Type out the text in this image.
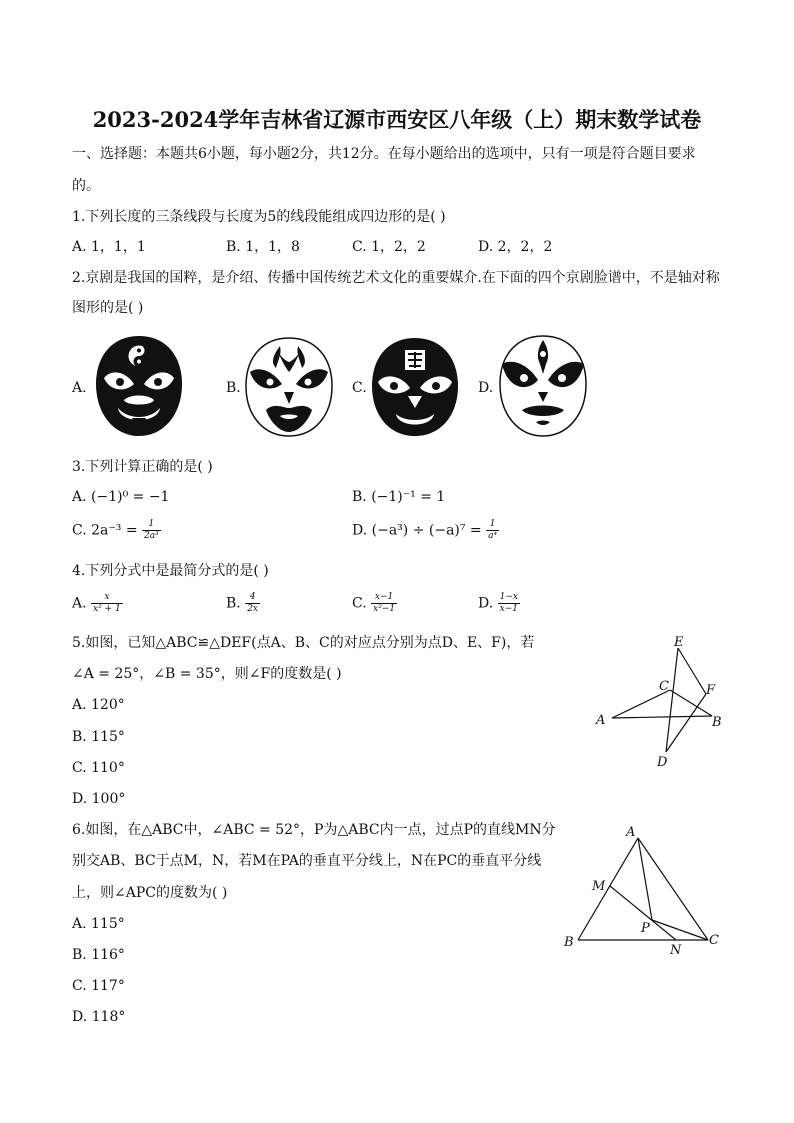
2023-2024学年吉林省辽源市西安区八年级（上）期末数学试卷
一、选择题：本题共6小题，每小题2分，共12分。在每小题给出的选项中，只有一项是符合题目要求
的。
1.下列长度的三条线段与长度为5的线段能组成四边形的是( )
A. 1，1，1	B. 1，1，8	C. 1，2，2	D. 2，2，2
2.京剧是我国的国粹，是介绍、传播中国传统艺术文化的重要媒介.在下面的四个京剧脸谱中，不是轴对称
图形的是( )
A.	B.	C.	D.
3.下列计算正确的是( )
A. (−1)⁰ = −1	B. (−1)⁻¹ = 1
C. $2a^{-3} = \frac{1}{\text{2a³}}$	D. $(-a^3) \div (-a)^7 = \frac{1}{\text{a⁴}}$
4.下列分式中是最简分式的是( )
A. $\frac{x}{\text{x² + 1}}$	B. $\frac{4}{2x}$	C. $\frac{x-1}{\text{x²−1}}$	D. $\frac{1-x}{x-1}$
5.如图，已知△ABC≌△DEF(点A、B、C的对应点分别为点D、E、F)，若
∠A = 25°，∠B = 35°，则∠F的度数是( )
A. 120°
B. 115°
C. 110°
D. 100°
E
C	F
A	B
D
6.如图，在△ABC中，∠ABC = 52°，P为△ABC内一点，过点P的直线MN分
别交AB、BC于点M，N，若M在PA的垂直平分线上，N在PC的垂直平分线
上，则∠APC的度数为( )
A. 115°
B. 116°
C. 117°
D. 118°
A
M
B
P
N
C
